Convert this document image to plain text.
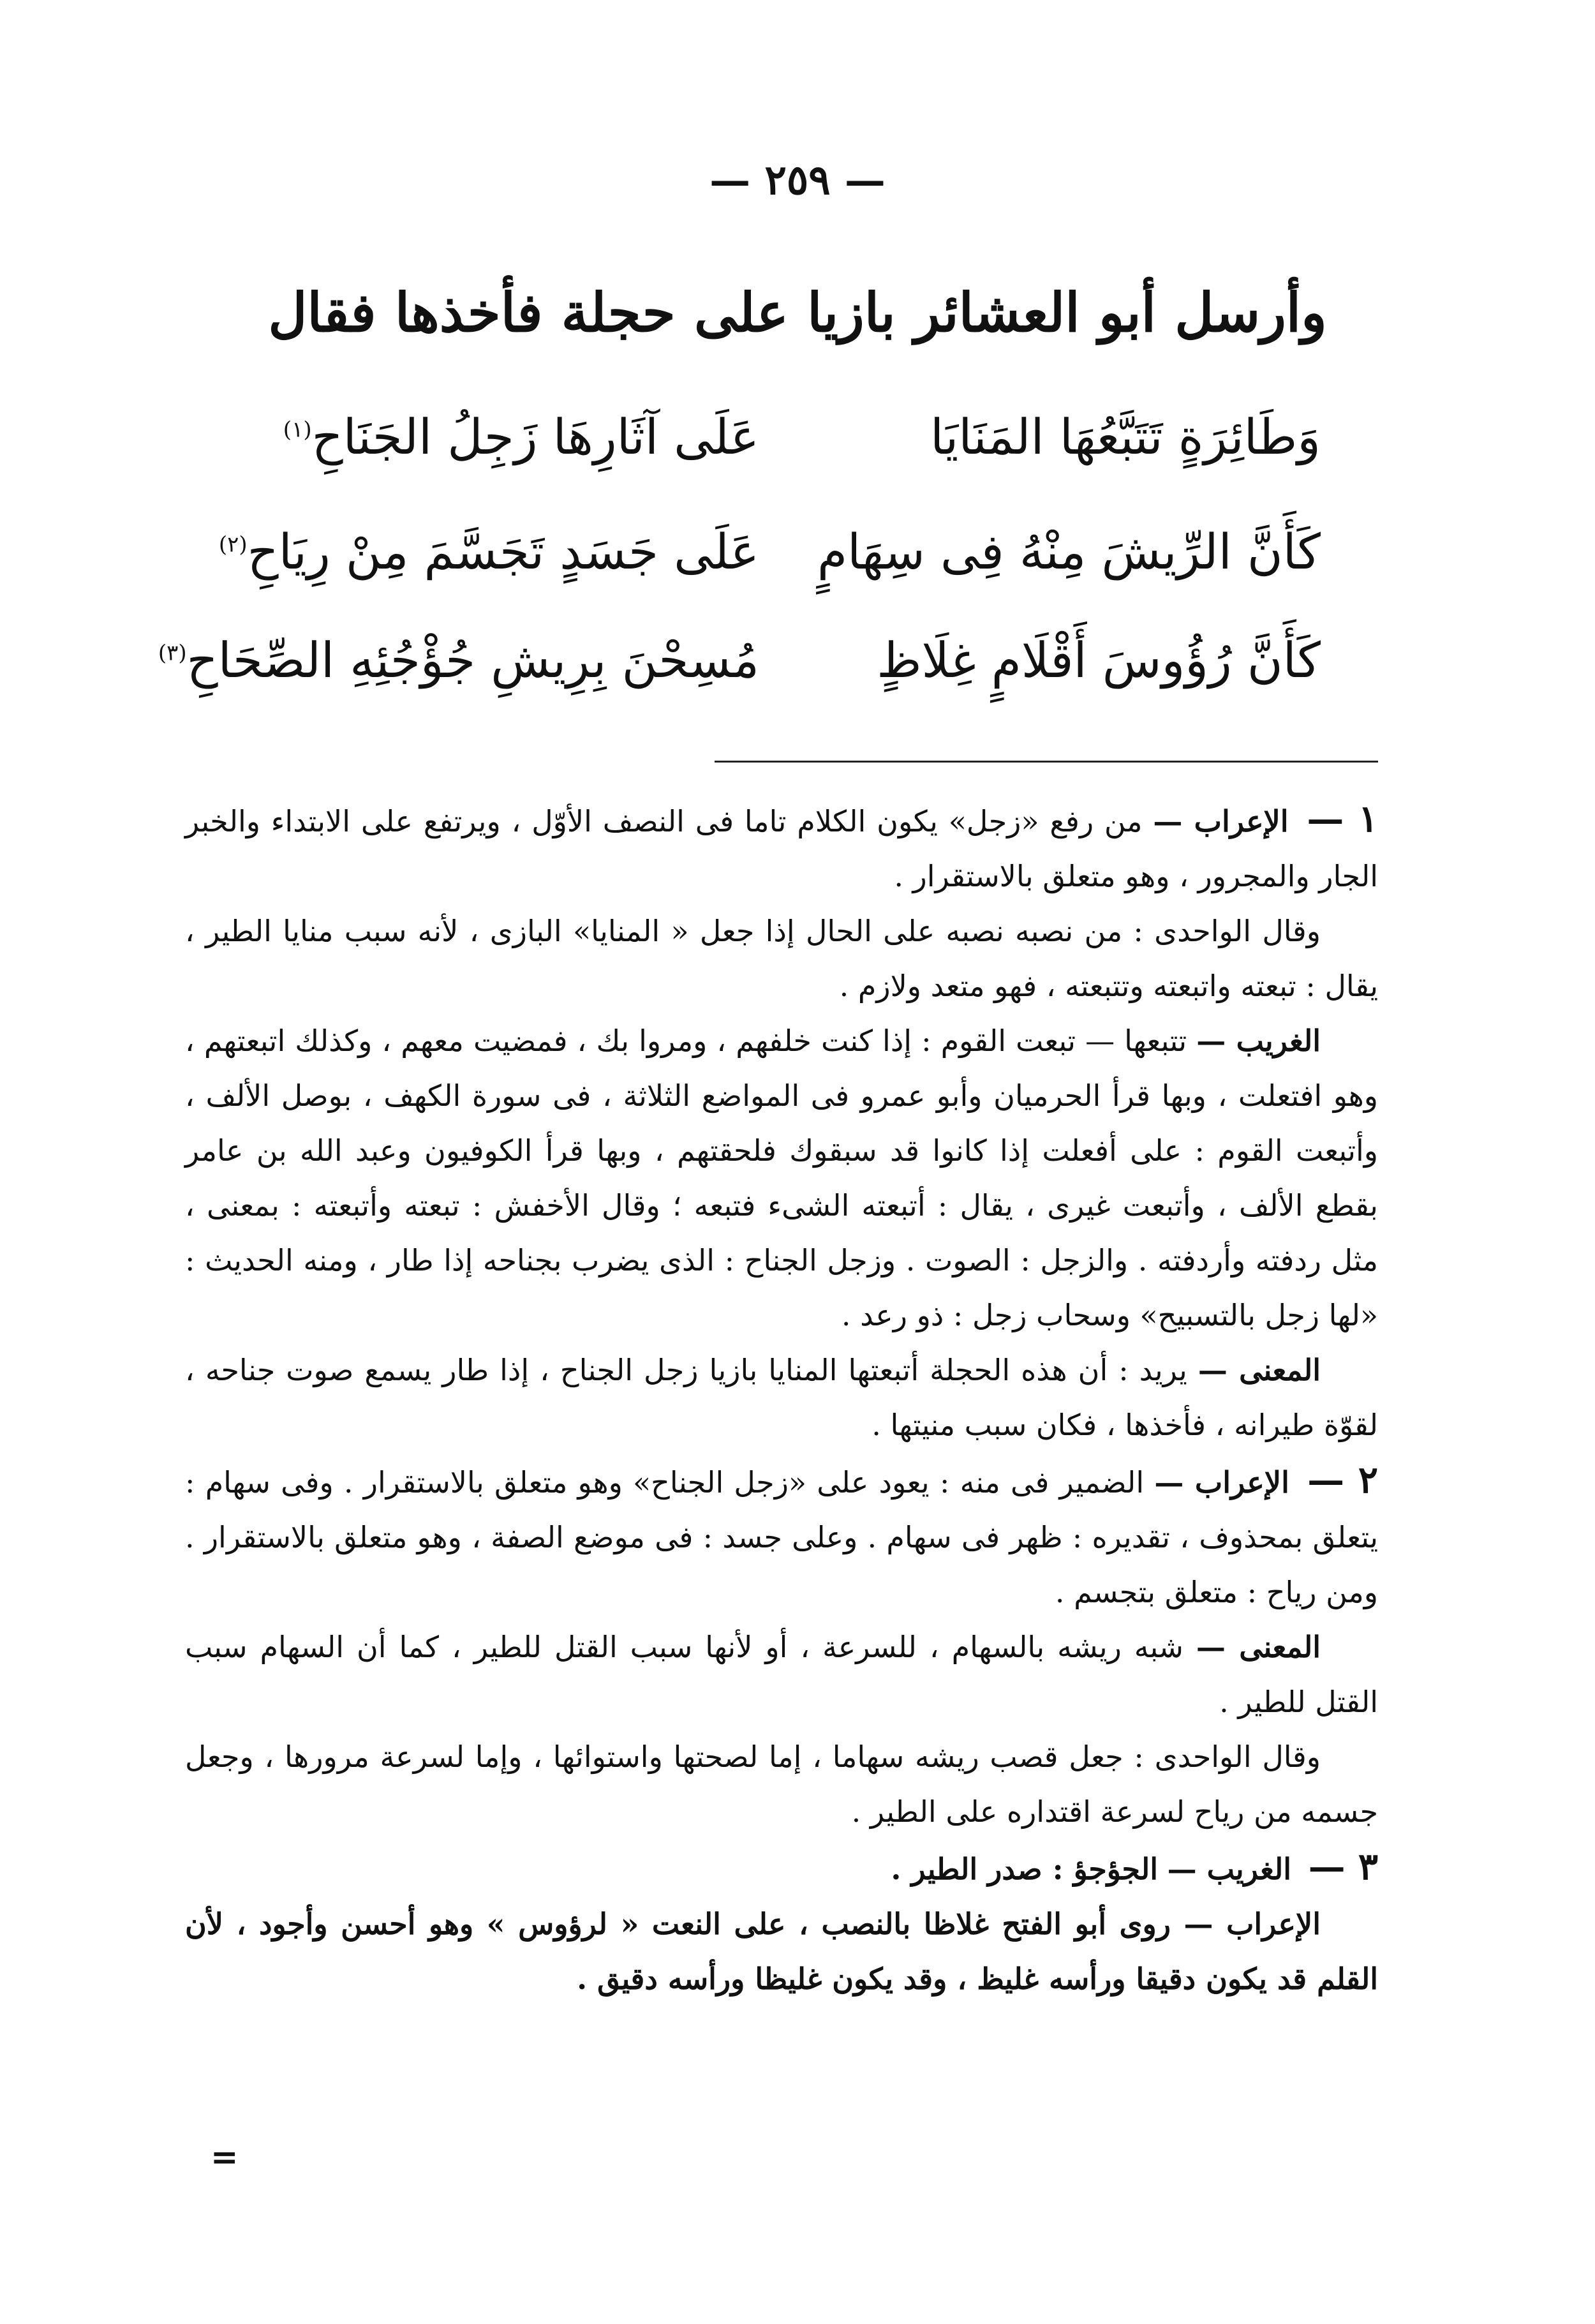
— ٢٥٩ —
وأرسل أبو العشائر بازيا على حجلة فأخذها فقال
وَطَائِرَةٍ تَتَبَّعُهَا المَنَايَا
عَلَى آثَارِهَا زَجِلُ الجَنَاحِ$^{(١)}$
كَأَنَّ الرِّيشَ مِنْهُ فِى سِهَامٍ
عَلَى جَسَدٍ تَجَسَّمَ مِنْ رِيَاحِ$^{(٢)}$
كَأَنَّ رُؤُوسَ أَقْلَامٍ غِلَاظٍ
مُسِحْنَ بِرِيشِ جُؤْجُئِهِ الصِّحَاحِ$^{(٣)}$

١ — الإعراب — من رفع «زجل» يكون الكلام تاما فى النصف الأوّل ، ويرتفع على الابتداء والخبر الجار والمجرور ، وهو متعلق بالاستقرار .

وقال الواحدى : من نصبه نصبه على الحال إذا جعل « المنايا» البازى ، لأنه سبب منايا الطير ، يقال : تبعته واتبعته وتتبعته ، فهو متعد ولازم .

الغريب — تتبعها — تبعت القوم : إذا كنت خلفهم ، ومروا بك ، فمضيت معهم ، وكذلك اتبعتهم ، وهو افتعلت ، وبها قرأ الحرميان وأبو عمرو فى المواضع الثلاثة ، فى سورة الكهف ، بوصل الألف ، وأتبعت القوم : على أفعلت إذا كانوا قد سبقوك فلحقتهم ، وبها قرأ الكوفيون وعبد الله بن عامر بقطع الألف ، وأتبعت غيرى ، يقال : أتبعته الشىء فتبعه ؛ وقال الأخفش : تبعته وأتبعته : بمعنى ، مثل ردفته وأردفته . والزجل : الصوت . وزجل الجناح : الذى يضرب بجناحه إذا طار ، ومنه الحديث : «لها زجل بالتسبيح» وسحاب زجل : ذو رعد .

المعنى — يريد : أن هذه الحجلة أتبعتها المنايا بازيا زجل الجناح ، إذا طار يسمع صوت جناحه ، لقوّة طيرانه ، فأخذها ، فكان سبب منيتها .

٢ — الإعراب — الضمير فى منه : يعود على «زجل الجناح» وهو متعلق بالاستقرار . وفى سهام : يتعلق بمحذوف ، تقديره : ظهر فى سهام . وعلى جسد : فى موضع الصفة ، وهو متعلق بالاستقرار . ومن رياح : متعلق بتجسم .

المعنى — شبه ريشه بالسهام ، للسرعة ، أو لأنها سبب القتل للطير ، كما أن السهام سبب القتل للطير .

وقال الواحدى : جعل قصب ريشه سهاما ، إما لصحتها واستوائها ، وإما لسرعة مرورها ، وجعل جسمه من رياح لسرعة اقتداره على الطير .

٣ — الغريب — الجؤجؤ : صدر الطير .

الإعراب — روى أبو الفتح غلاظا بالنصب ، على النعت « لرؤوس » وهو أحسن وأجود ، لأن القلم قد يكون دقيقا ورأسه غليظ ، وقد يكون غليظا ورأسه دقيق .

=
